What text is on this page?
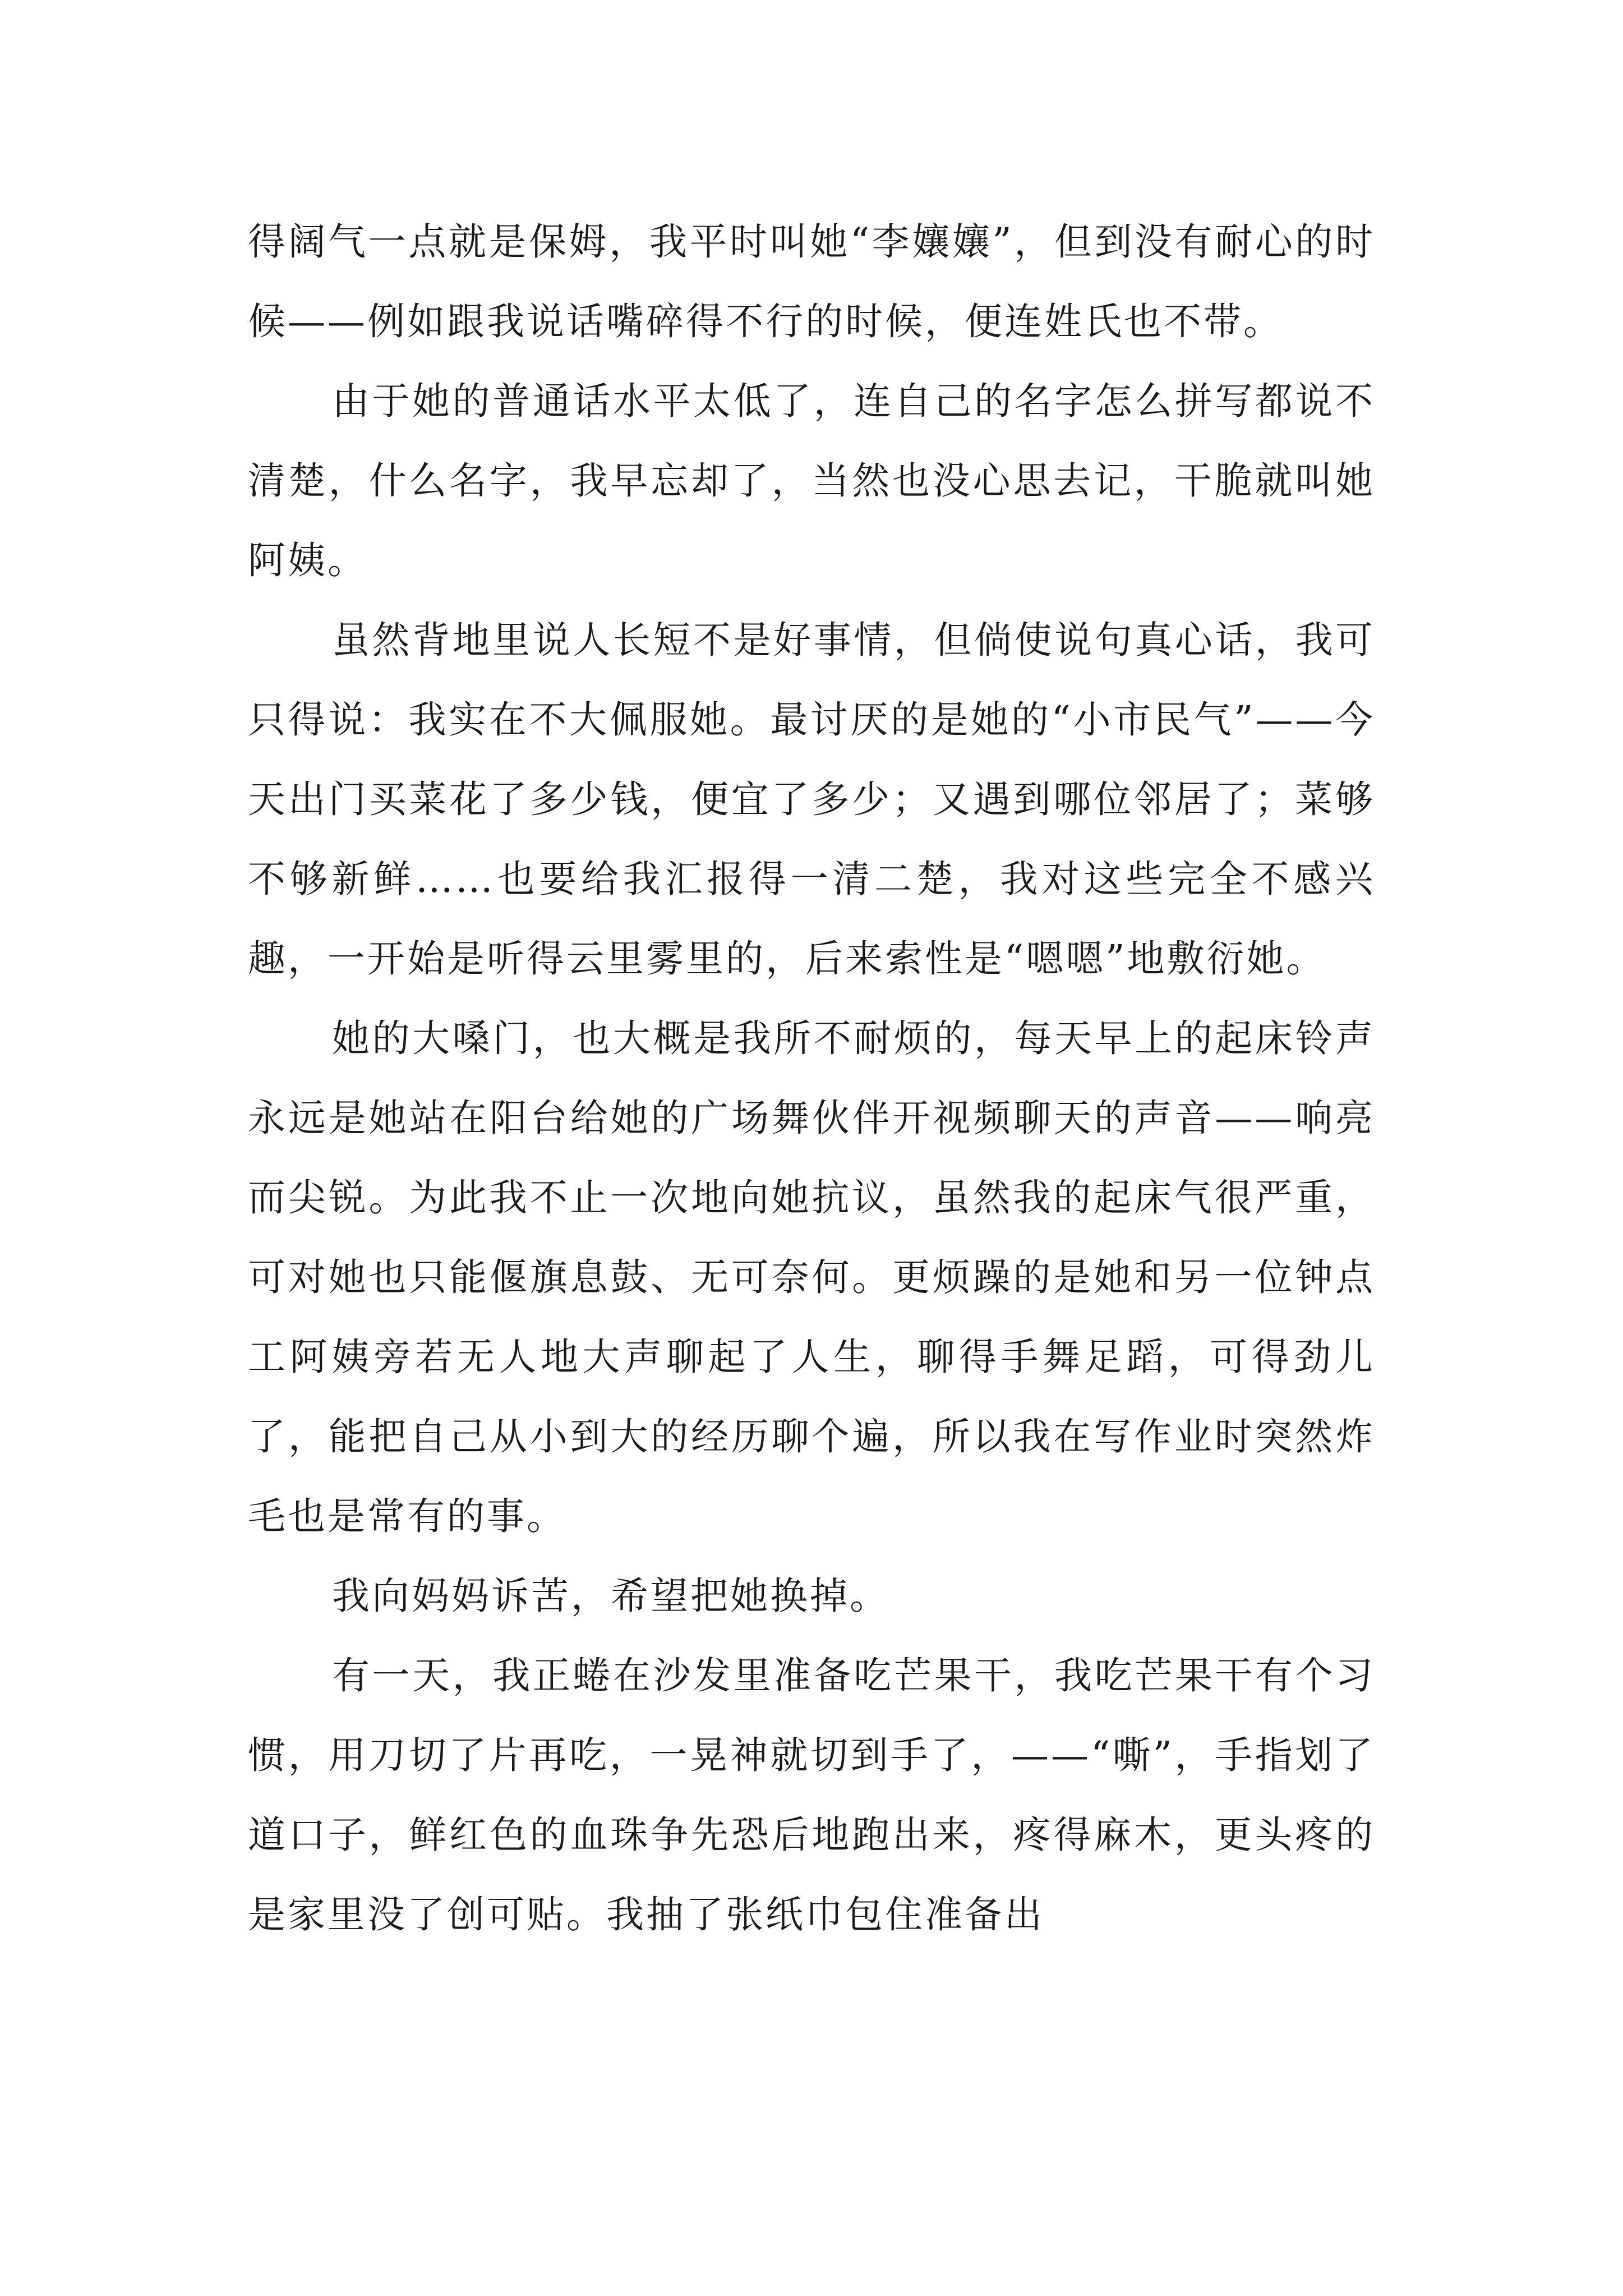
得阔气一点就是保姆，我平时叫她“李孃孃”，但到没有耐心的时候——例如跟我说话嘴碎得不行的时候，便连姓氏也不带。

由于她的普通话水平太低了，连自己的名字怎么拼写都说不清楚，什么名字，我早忘却了，当然也没心思去记，干脆就叫她阿姨。

虽然背地里说人长短不是好事情，但倘使说句真心话，我可只得说：我实在不大佩服她。最讨厌的是她的“小市民气”——今天出门买菜花了多少钱，便宜了多少；又遇到哪位邻居了；菜够不够新鲜……也要给我汇报得一清二楚，我对这些完全不感兴趣，一开始是听得云里雾里的，后来索性是“嗯嗯”地敷衍她。

她的大嗓门，也大概是我所不耐烦的，每天早上的起床铃声永远是她站在阳台给她的广场舞伙伴开视频聊天的声音——响亮而尖锐。为此我不止一次地向她抗议，虽然我的起床气很严重，可对她也只能偃旗息鼓、无可奈何。更烦躁的是她和另一位钟点工阿姨旁若无人地大声聊起了人生，聊得手舞足蹈，可得劲儿了，能把自己从小到大的经历聊个遍，所以我在写作业时突然炸毛也是常有的事。

我向妈妈诉苦，希望把她换掉。

有一天，我正蜷在沙发里准备吃芒果干，我吃芒果干有个习惯，用刀切了片再吃，一晃神就切到手了，——“嘶”，手指划了道口子，鲜红色的血珠争先恐后地跑出来，疼得麻木，更头疼的是家里没了创可贴。我抽了张纸巾包住准备出
